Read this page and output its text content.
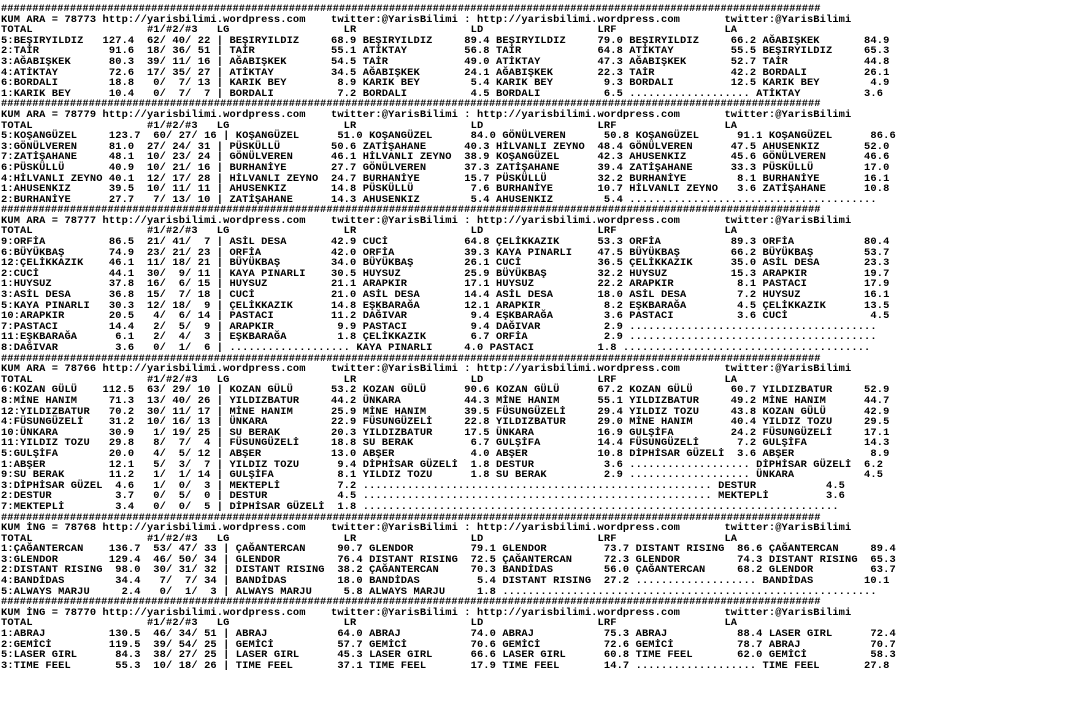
###################################################################################################################################
KUM ARA = 78773 http://yarisbilimi.wordpress.com    twitter:@YarisBilimi : http://yarisbilimi.wordpress.com       twitter:@YarisBilimi
TOTAL                  #1/#2/#3   LG                  LR                  LD                  LRF                 LA
5:BEŞIRYILDIZ   127.4  62/ 40/ 22 | BEŞIRYILDIZ     68.9 BEŞIRYILDIZ     89.4 BEŞIRYILDIZ     79.0 BEŞIRYILDIZ     66.2 AĞABIŞKEK       84.9
2:TAİR           91.6  18/ 36/ 51 | TAİR            55.1 ATİKTAY         56.8 TAİR            64.8 ATİKTAY         55.5 BEŞIRYILDIZ     65.3
3:AĞABIŞKEK      80.3  39/ 11/ 16 | AĞABIŞKEK       54.5 TAİR            49.0 ATİKTAY         47.3 AĞABIŞKEK       52.7 TAİR            44.8
4:ATİKTAY        72.6  17/ 35/ 27 | ATİKTAY         34.5 AĞABIŞKEK       24.1 AĞABIŞKEK       22.3 TAİR            42.2 BORDALI         26.1
6:BORDALI        18.8   0/  7/ 13 | KARIK BEY        8.9 KARIK BEY        5.4 KARIK BEY        9.3 BORDALI         12.5 KARIK BEY        4.9
1:KARIK BEY      10.4   0/  7/  7 | BORDALI          7.2 BORDALI          4.5 BORDALI          6.5 ................... ATİKTAY          3.6
###################################################################################################################################
KUM ARA = 78779 http://yarisbilimi.wordpress.com    twitter:@YarisBilimi : http://yarisbilimi.wordpress.com       twitter:@YarisBilimi
TOTAL                  #1/#2/#3   LG                  LR                  LD                  LRF                 LA
5:KOŞANGÜZEL     123.7  60/ 27/ 16 | KOŞANGÜZEL      51.0 KOŞANGÜZEL      84.0 GÖNÜLVEREN      50.8 KOŞANGÜZEL      91.1 KOŞANGÜZEL      86.6
3:GÖNÜLVEREN     81.0  27/ 24/ 31 | PÜSKÜLLÜ        50.6 ZATİŞAHANE      40.3 HİLVANLI ZEYNO  48.4 GÖNÜLVEREN      47.5 AHUSENKIZ       52.0
7:ZATİŞAHANE     48.1  10/ 23/ 24 | GÖNÜLVEREN      46.1 HİLVANLI ZEYNO  38.9 KOŞANGÜZEL      42.3 AHUSENKIZ       45.6 GÖNÜLVEREN      46.6
6:PÜSKÜLLÜ       40.9  10/ 21/ 16 | BURHANİYE       27.7 GÖNÜLVEREN      37.3 ZATİŞAHANE      39.4 ZATİŞAHANE      33.3 PÜSKÜLLÜ        17.0
4:HİLVANLI ZEYNO 40.1  12/ 17/ 28 | HİLVANLI ZEYNO  24.7 BURHANİYE       15.7 PÜSKÜLLÜ        32.2 BURHANİYE        8.1 BURHANİYE       16.1
1:AHUSENKIZ      39.5  10/ 11/ 11 | AHUSENKIZ       14.8 PÜSKÜLLÜ         7.6 BURHANİYE       10.7 HİLVANLI ZEYNO   3.6 ZATİŞAHANE      10.8
2:BURHANİYE      27.7   7/ 13/ 10 | ZATİŞAHANE      14.3 AHUSENKIZ        5.4 AHUSENKIZ        5.4 .......................................
###################################################################################################################################
KUM ARA = 78777 http://yarisbilimi.wordpress.com    twitter:@YarisBilimi : http://yarisbilimi.wordpress.com       twitter:@YarisBilimi
TOTAL                  #1/#2/#3   LG                  LR                  LD                  LRF                 LA
9:ORFİA          86.5  21/ 41/  7 | ASİL DESA       42.9 CUCİ            64.8 ÇELİKKAZIK      53.3 ORFİA           89.3 ORFİA           80.4
6:BÜYÜKBAŞ       74.9  23/ 21/ 23 | ORFİA           42.0 ORFİA           39.3 KAYA PINARLI    47.5 BÜYÜKBAŞ        66.2 BÜYÜKBAŞ        53.7
12:ÇELİKKAZIK    46.1  11/ 18/ 21 | BÜYÜKBAŞ        34.0 BÜYÜKBAŞ        26.1 CUCİ            36.5 ÇELİKKAZIK      35.0 ASİL DESA       23.3
2:CUCİ           44.1  30/  9/ 11 | KAYA PINARLI    30.5 HUYSUZ          25.9 BÜYÜKBAŞ        32.2 HUYSUZ          15.3 ARAPKIR         19.7
1:HUYSUZ         37.8  16/  6/ 15 | HUYSUZ          21.1 ARAPKIR         17.1 HUYSUZ          22.2 ARAPKIR          8.1 PASTACI         17.9
3:ASİL DESA      36.8  15/  7/ 18 | CUCİ            21.0 ASİL DESA       14.4 ASİL DESA       18.0 ASİL DESA        7.2 HUYSUZ          16.1
5:KAYA PINARLI   30.3  12/ 18/  9 | ÇELİKKAZIK      14.8 EŞKBARAĞA       12.1 ARAPKIR          8.2 EŞKBARAĞA        4.5 ÇELİKKAZIK      13.5
10:ARAPKIR       20.5   4/  6/ 14 | PASTACI         11.2 DAĞIVAR          9.4 EŞKBARAĞA        3.6 PASTACI          3.6 CUCİ             4.5
7:PASTACI        14.4   2/  5/  9 | ARAPKIR          9.9 PASTACI          9.4 DAĞIVAR          2.9 .......................................
11:EŞKBARAĞA      6.1   2/  4/  3 | EŞKBARAĞA        1.8 ÇELİKKAZIK       6.7 ORFİA            2.9 .......................................
8:DAĞIVAR         3.6   0/  1/  6 | ................... KAYA PINARLI     4.0 PASTACI          1.8 .......................................
###################################################################################################################################
KUM ARA = 78766 http://yarisbilimi.wordpress.com    twitter:@YarisBilimi : http://yarisbilimi.wordpress.com       twitter:@YarisBilimi
TOTAL                  #1/#2/#3   LG                  LR                  LD                  LRF                 LA
6:KOZAN GÜLÜ    112.5  63/ 29/ 10 | KOZAN GÜLÜ      53.2 KOZAN GÜLÜ      90.6 KOZAN GÜLÜ      67.2 KOZAN GÜLÜ      60.7 YILDIZBATUR     52.9
8:MİNE HANIM     71.3  13/ 40/ 26 | YILDIZBATUR     44.2 ÜNKARA          44.3 MİNE HANIM      55.1 YILDIZBATUR     49.2 MİNE HANIM      44.7
12:YILDIZBATUR   70.2  30/ 11/ 17 | MİNE HANIM      25.9 MİNE HANIM      39.5 FÜSUNGÜZELİ     29.4 YILDIZ TOZU     43.8 KOZAN GÜLÜ      42.9
4:FÜSUNGÜZELİ    31.2  10/ 16/ 13 | ÜNKARA          22.9 FÜSUNGÜZELİ     22.8 YILDIZBATUR     29.0 MİNE HANIM      40.4 YILDIZ TOZU     29.5
10:ÜNKARA        30.9   1/ 19/ 25 | SU BERAK        20.3 YILDIZBATUR     17.5 ÜNKARA          16.9 GULŞİFA         24.2 FÜSUNGÜZELİ     17.1
11:YILDIZ TOZU   29.8   8/  7/  4 | FÜSUNGÜZELİ     18.8 SU BERAK         6.7 GULŞİFA         14.4 FÜSUNGÜZELİ      7.2 GULŞİFA         14.3
5:GULŞİFA        20.0   4/  5/ 12 | ABŞER           13.0 ABŞER            4.0 ABŞER           10.8 DİPHİSAR GÜZELİ  3.6 ABŞER            8.9
1:ABŞER          12.1   5/  3/  7 | YILDIZ TOZU      9.4 DİPHİSAR GÜZELİ  1.8 DESTUR           3.6 ................... DİPHİSAR GÜZELİ  6.2
9:SU BERAK       11.2   1/  1/ 14 | GULŞİFA          8.1 YILDIZ TOZU      1.8 SU BERAK         2.9 ................... ÜNKARA           4.5
3:DİPHİSAR GÜZEL  4.6   1/  0/  3 | MEKTEPLİ         7.2 ....................................................... DESTUR           4.5
2:DESTUR          3.7   0/  5/  0 | DESTUR           4.5 ....................................................... MEKTEPLİ         3.6
7:MEKTEPLİ        3.4   0/  0/  5 | DİPHİSAR GÜZELİ  1.8 ...........................................................................
###################################################################################################################################
KUM İNG = 78768 http://yarisbilimi.wordpress.com    twitter:@YarisBilimi : http://yarisbilimi.wordpress.com       twitter:@YarisBilimi
TOTAL                  #1/#2/#3   LG                  LR                  LD                  LRF                 LA
1:ÇAĞANTERCAN    136.7  53/ 47/ 33 | ÇAĞANTERCAN     90.7 GLENDOR         79.1 GLENDOR         73.7 DISTANT RISING  86.6 ÇAĞANTERCAN     89.4
3:GLENDOR        129.4  46/ 50/ 34 | GLENDOR         76.4 DISTANT RISING  72.5 ÇAĞANTERCAN     72.3 GLENDOR         74.3 DISTANT RISING  65.3
2:DISTANT RISING  98.0  30/ 31/ 32 | DISTANT RISING  38.2 ÇAĞANTERCAN     70.3 BANDİDAS        56.0 ÇAĞANTERCAN     68.2 GLENDOR         63.7
4:BANDİDAS        34.4   7/  7/ 34 | BANDİDAS        18.0 BANDİDAS         5.4 DISTANT RISING  27.2 ................... BANDİDAS        10.1
5:ALWAYS MARJU     2.4   0/  1/  3 | ALWAYS MARJU     5.8 ALWAYS MARJU     1.8 ...........................................................
###################################################################################################################################
KUM İNG = 78770 http://yarisbilimi.wordpress.com    twitter:@YarisBilimi : http://yarisbilimi.wordpress.com       twitter:@YarisBilimi
TOTAL                  #1/#2/#3   LG                  LR                  LD                  LRF                 LA
1:ABRAJ          130.5  46/ 34/ 51 | ABRAJ           64.0 ABRAJ           74.0 ABRAJ           75.3 ABRAJ           88.4 LASER GIRL      72.4
2:GEMİCİ         119.5  39/ 54/ 25 | GEMİCİ          57.7 GEMİCİ          70.6 GEMİCİ          72.6 GEMİCİ          78.7 ABRAJ           70.7
5:LASER GIRL      84.3  38/ 27/ 25 | LASER GIRL      45.3 LASER GIRL      66.6 LASER GIRL      60.8 TIME FEEL       62.0 GEMİCİ          58.3
3:TIME FEEL       55.3  10/ 18/ 26 | TIME FEEL       37.1 TIME FEEL       17.9 TIME FEEL       14.7 ................... TIME FEEL       27.8
